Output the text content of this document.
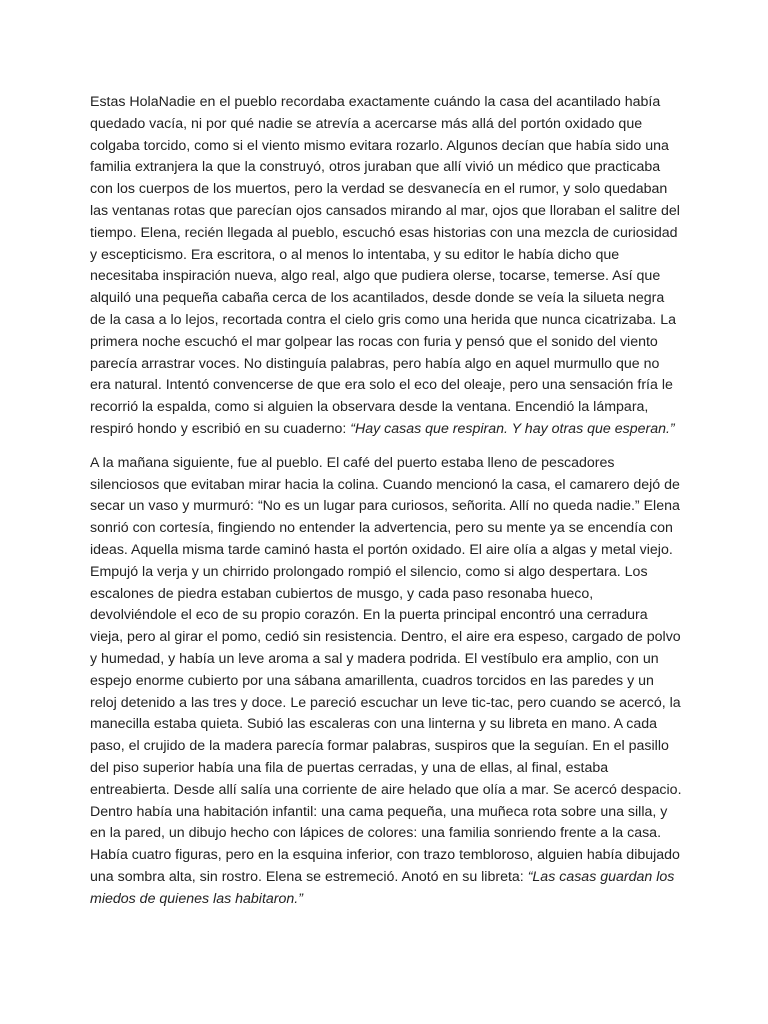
Estas HolaNadie en el pueblo recordaba exactamente cuándo la casa del acantilado había quedado vacía, ni por qué nadie se atrevía a acercarse más allá del portón oxidado que colgaba torcido, como si el viento mismo evitara rozarlo. Algunos decían que había sido una familia extranjera la que la construyó, otros juraban que allí vivió un médico que practicaba con los cuerpos de los muertos, pero la verdad se desvanecía en el rumor, y solo quedaban las ventanas rotas que parecían ojos cansados mirando al mar, ojos que lloraban el salitre del tiempo. Elena, recién llegada al pueblo, escuchó esas historias con una mezcla de curiosidad y escepticismo. Era escritora, o al menos lo intentaba, y su editor le había dicho que necesitaba inspiración nueva, algo real, algo que pudiera olerse, tocarse, temerse. Así que alquiló una pequeña cabaña cerca de los acantilados, desde donde se veía la silueta negra de la casa a lo lejos, recortada contra el cielo gris como una herida que nunca cicatrizaba. La primera noche escuchó el mar golpear las rocas con furia y pensó que el sonido del viento parecía arrastrar voces. No distinguía palabras, pero había algo en aquel murmullo que no era natural. Intentó convencerse de que era solo el eco del oleaje, pero una sensación fría le recorrió la espalda, como si alguien la observara desde la ventana. Encendió la lámpara, respiró hondo y escribió en su cuaderno: “Hay casas que respiran. Y hay otras que esperan.”

A la mañana siguiente, fue al pueblo. El café del puerto estaba lleno de pescadores silenciosos que evitaban mirar hacia la colina. Cuando mencionó la casa, el camarero dejó de secar un vaso y murmuró: “No es un lugar para curiosos, señorita. Allí no queda nadie.” Elena sonrió con cortesía, fingiendo no entender la advertencia, pero su mente ya se encendía con ideas. Aquella misma tarde caminó hasta el portón oxidado. El aire olía a algas y metal viejo. Empujó la verja y un chirrido prolongado rompió el silencio, como si algo despertara. Los escalones de piedra estaban cubiertos de musgo, y cada paso resonaba hueco, devolviéndole el eco de su propio corazón. En la puerta principal encontró una cerradura vieja, pero al girar el pomo, cedió sin resistencia. Dentro, el aire era espeso, cargado de polvo y humedad, y había un leve aroma a sal y madera podrida. El vestíbulo era amplio, con un espejo enorme cubierto por una sábana amarillenta, cuadros torcidos en las paredes y un reloj detenido a las tres y doce. Le pareció escuchar un leve tic-tac, pero cuando se acercó, la manecilla estaba quieta. Subió las escaleras con una linterna y su libreta en mano. A cada paso, el crujido de la madera parecía formar palabras, suspiros que la seguían. En el pasillo del piso superior había una fila de puertas cerradas, y una de ellas, al final, estaba entreabierta. Desde allí salía una corriente de aire helado que olía a mar. Se acercó despacio. Dentro había una habitación infantil: una cama pequeña, una muñeca rota sobre una silla, y en la pared, un dibujo hecho con lápices de colores: una familia sonriendo frente a la casa. Había cuatro figuras, pero en la esquina inferior, con trazo tembloroso, alguien había dibujado una sombra alta, sin rostro. Elena se estremeció. Anotó en su libreta: “Las casas guardan los miedos de quienes las habitaron.”
